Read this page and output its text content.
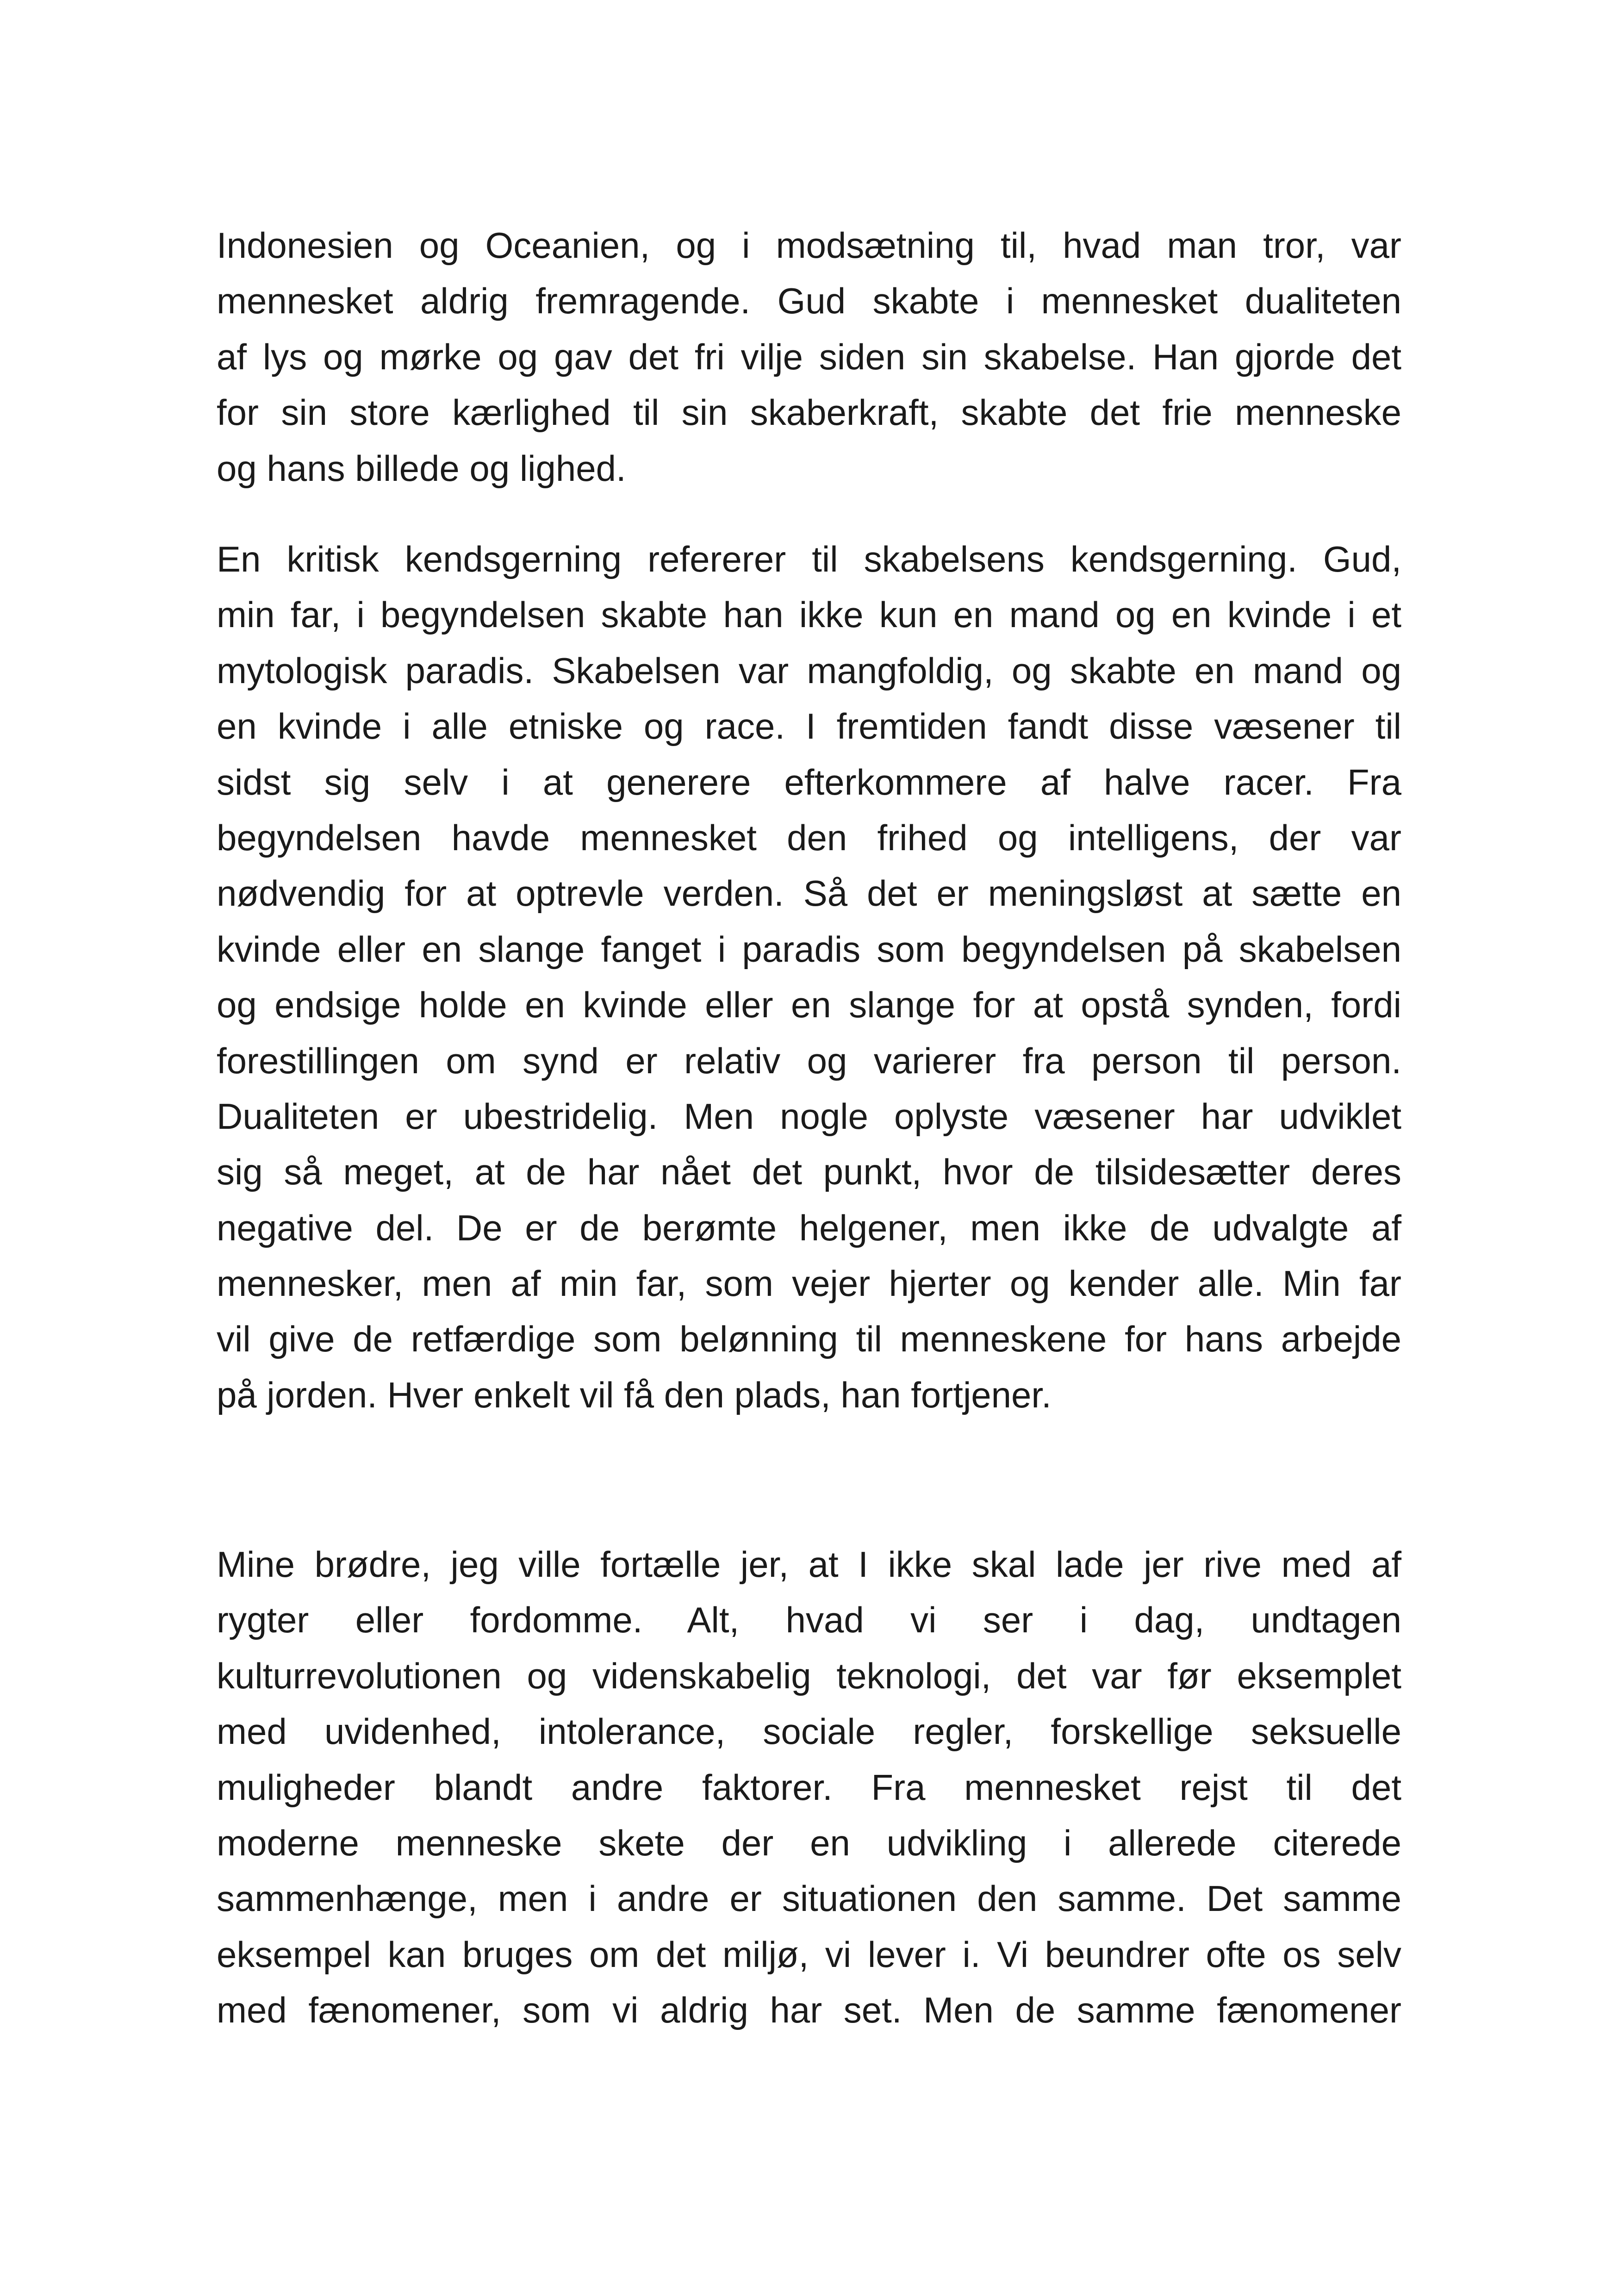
Indonesien og Oceanien, og i modsætning til, hvad man tror, var
mennesket aldrig fremragende. Gud skabte i mennesket dualiteten
af lys og mørke og gav det fri vilje siden sin skabelse. Han gjorde det
for sin store kærlighed til sin skaberkraft, skabte det frie menneske
og hans billede og lighed.

En kritisk kendsgerning refererer til skabelsens kendsgerning. Gud,
min far, i begyndelsen skabte han ikke kun en mand og en kvinde i et
mytologisk paradis. Skabelsen var mangfoldig, og skabte en mand og
en kvinde i alle etniske og race. I fremtiden fandt disse væsener til
sidst sig selv i at generere efterkommere af halve racer. Fra
begyndelsen havde mennesket den frihed og intelligens, der var
nødvendig for at optrevle verden. Så det er meningsløst at sætte en
kvinde eller en slange fanget i paradis som begyndelsen på skabelsen
og endsige holde en kvinde eller en slange for at opstå synden, fordi
forestillingen om synd er relativ og varierer fra person til person.
Dualiteten er ubestridelig. Men nogle oplyste væsener har udviklet
sig så meget, at de har nået det punkt, hvor de tilsidesætter deres
negative del. De er de berømte helgener, men ikke de udvalgte af
mennesker, men af min far, som vejer hjerter og kender alle. Min far
vil give de retfærdige som belønning til menneskene for hans arbejde
på jorden. Hver enkelt vil få den plads, han fortjener.

Mine brødre, jeg ville fortælle jer, at I ikke skal lade jer rive med af
rygter eller fordomme. Alt, hvad vi ser i dag, undtagen
kulturrevolutionen og videnskabelig teknologi, det var før eksemplet
med uvidenhed, intolerance, sociale regler, forskellige seksuelle
muligheder blandt andre faktorer. Fra mennesket rejst til det
moderne menneske skete der en udvikling i allerede citerede
sammenhænge, men i andre er situationen den samme. Det samme
eksempel kan bruges om det miljø, vi lever i. Vi beundrer ofte os selv
med fænomener, som vi aldrig har set. Men de samme fænomener
